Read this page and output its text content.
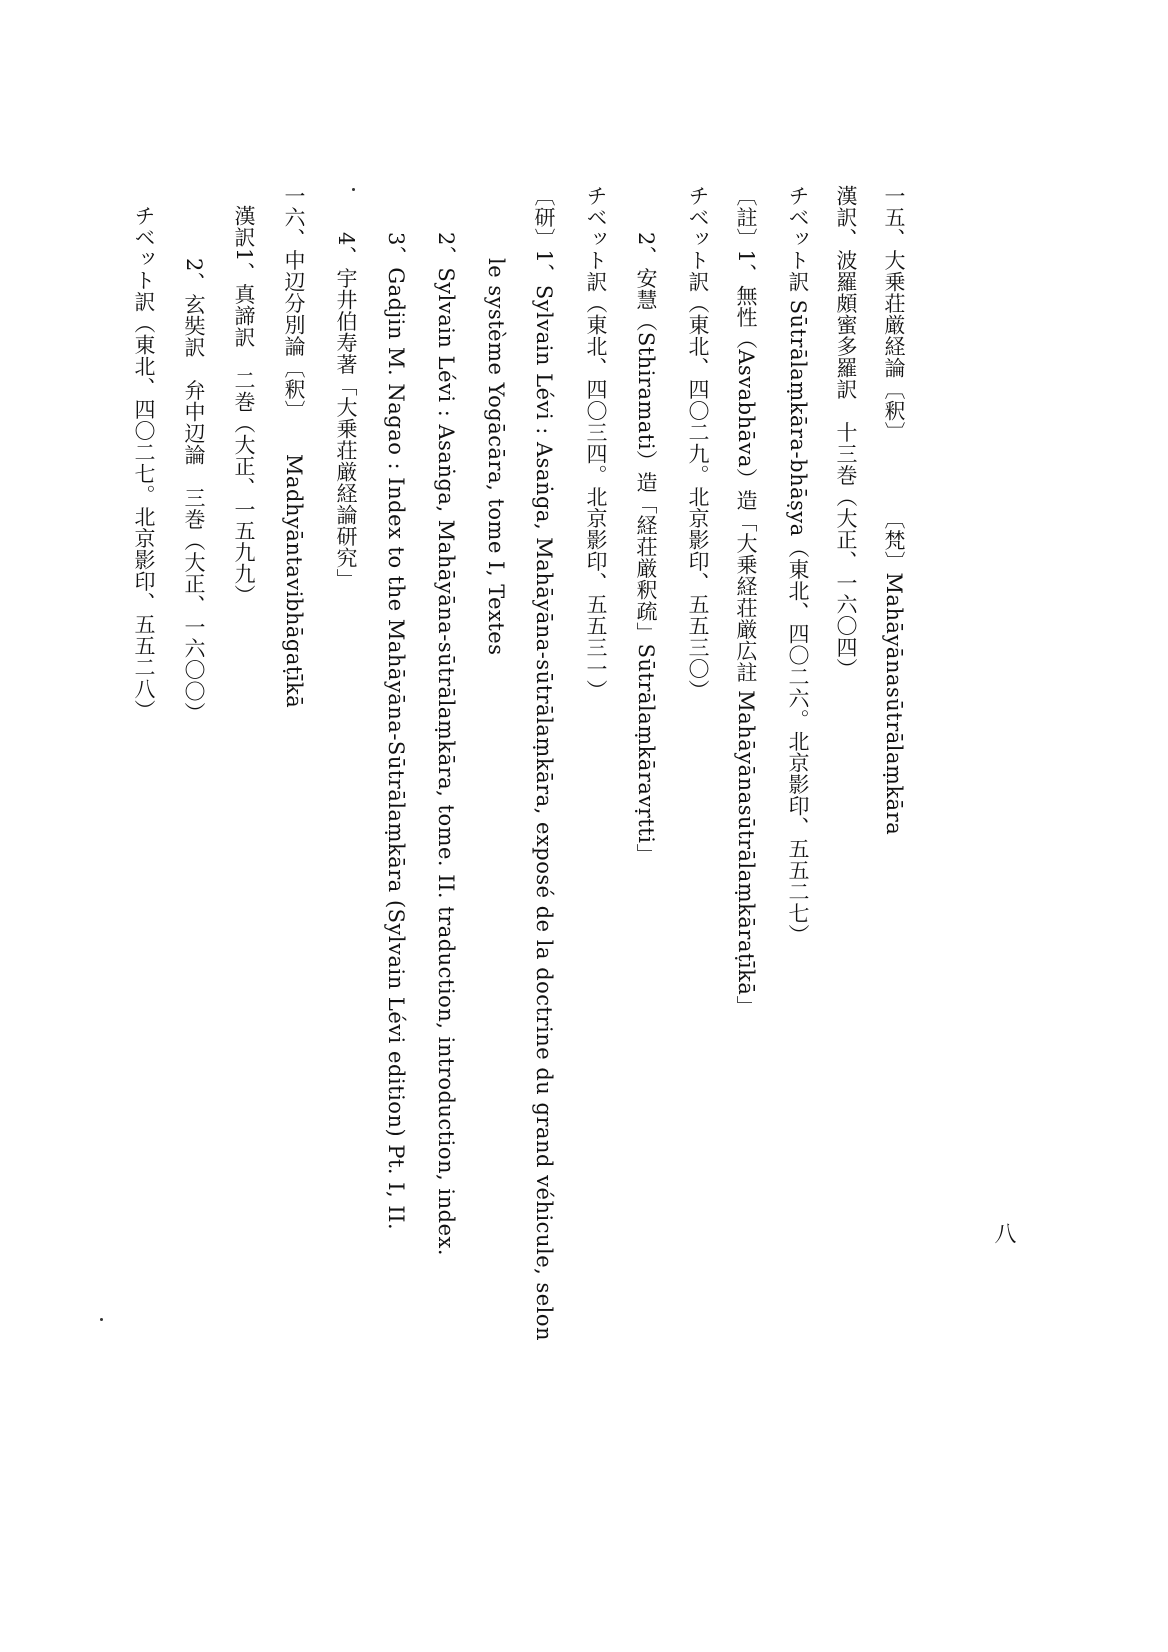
一五、大乗荘厳経論〔釈〕　　　　〔梵〕Mahāyānasūtrālaṃkāra
漢訳、波羅頗蜜多羅訳　十三巻（大正、一六〇四）
チベット訳 Sūtrālaṃkāra-bhāṣya（東北、四〇二六。北京影印、五五二七）
〔註〕1、無性（Asvabhāva）造「大乗経荘厳広註 Mahāyānasūtrālaṃkāraṭīkā」
チベット訳（東北、四〇二九。北京影印、五五三〇）
2、安慧（Sthiramati）造「経荘厳釈疏」Sūtrālaṃkāravṛtti」
チベット訳（東北、四〇三四。北京影印、五五三一）
〔研〕1、Sylvain Lévi : Asaṅga, Mahāyāna-sūtrālaṃkāra, exposé de la doctrine du grand véhicule, selon
le système Yogācāra, tome I, Textes
2、Sylvain Lévi : Asaṅga, Mahāyāna-sūtrālaṃkāra, tome. II. traduction, introduction, index.
3、Gadjin M. Nagao : Index to the Mahāyāna-Sūtrālaṃkāra (Sylvain Lévi edition) Pt. I, II.
4、宇井伯寿著「大乗荘厳経論研究」
一六、中辺分別論〔釈〕　　Madhyāntavibhāgaṭīkā
漢訳1、真諦訳　二巻（大正、一五九九）
2、玄奘訳　弁中辺論　三巻（大正、一六〇〇）
チベット訳（東北、四〇二七。北京影印、五五二八）
八
